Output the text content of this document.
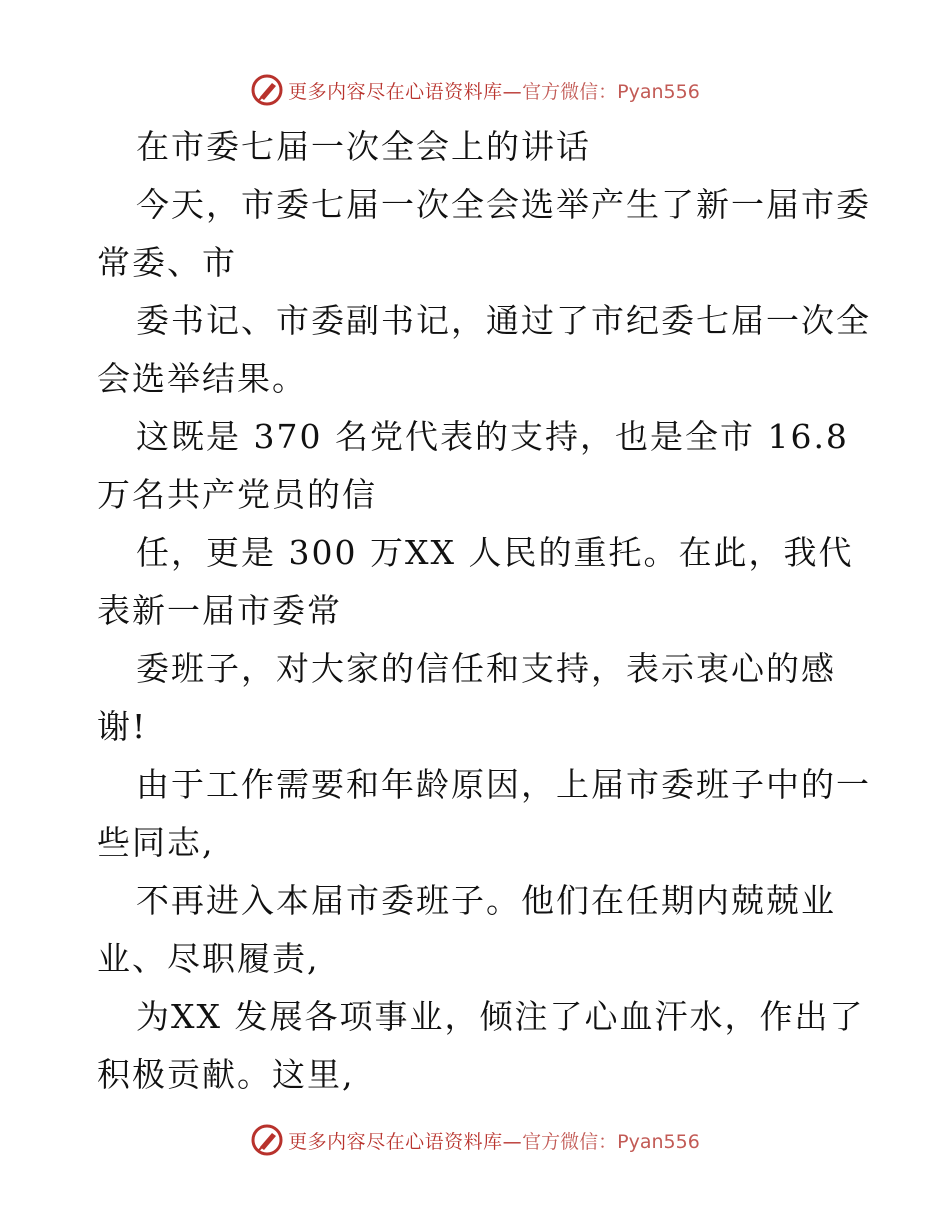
更多内容尽在心语资料库— 官方微信：Pyan556
在市委七届一次全会上的讲话
今天，市委七届一次全会选举产生了新一届市委
常委、市
委书记、市委副书记，通过了市纪委七届一次全
会选举结果。
这既是 370 名党代表的支持，也是全市 16.8
万名共产党员的信
任，更是 300 万XX 人民的重托。在此，我代
表新一届市委常
委班子，对大家的信任和支持，表示衷心的感
谢!
由于工作需要和年龄原因，上届市委班子中的一
些同志,
不再进入本届市委班子。他们在任期内兢兢业
业、尽职履责,
为XX 发展各项事业，倾注了心血汗水，作出了
积极贡献。这里,
更多内容尽在心语资料库— 官方微信：Pyan556
